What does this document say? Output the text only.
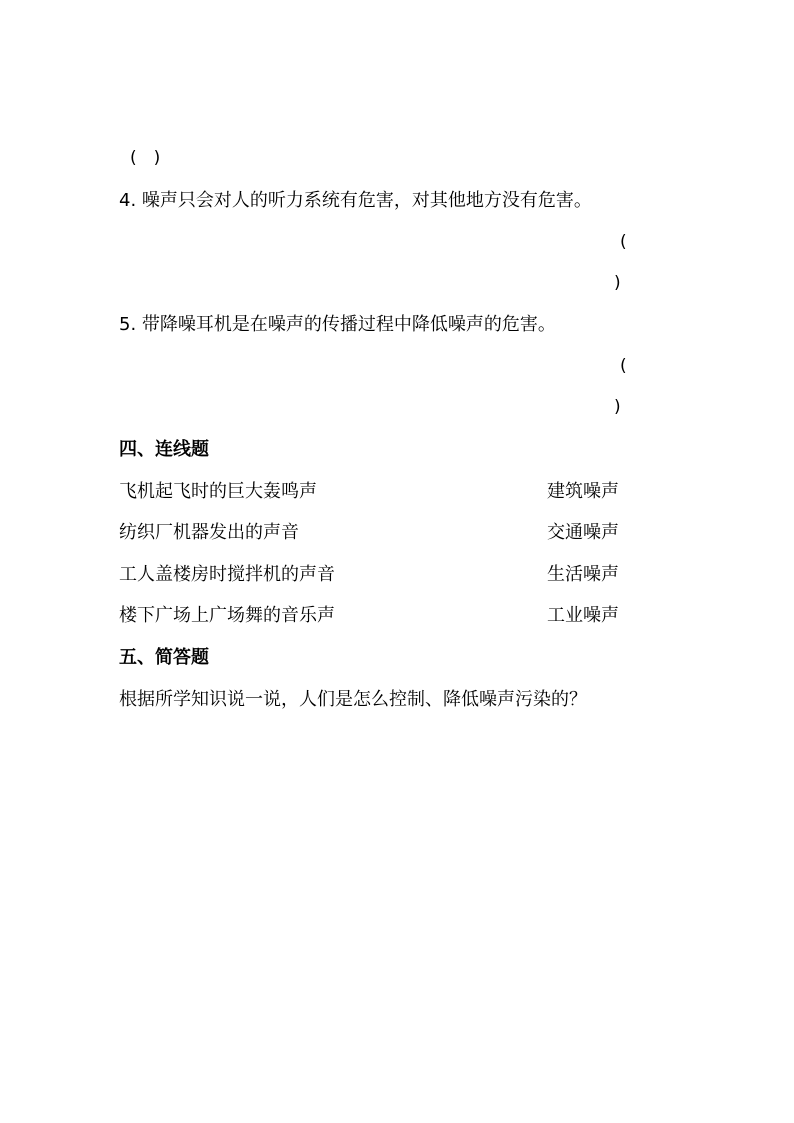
(　)
4. 噪声只会对人的听力系统有危害，对其他地方没有危害。
(
)
5. 带降噪耳机是在噪声的传播过程中降低噪声的危害。
(
)
四、连线题
飞机起飞时的巨大轰鸣声	建筑噪声
纺织厂机器发出的声音	交通噪声
工人盖楼房时搅拌机的声音	生活噪声
楼下广场上广场舞的音乐声	工业噪声
五、简答题
根据所学知识说一说，人们是怎么控制、降低噪声污染的？
